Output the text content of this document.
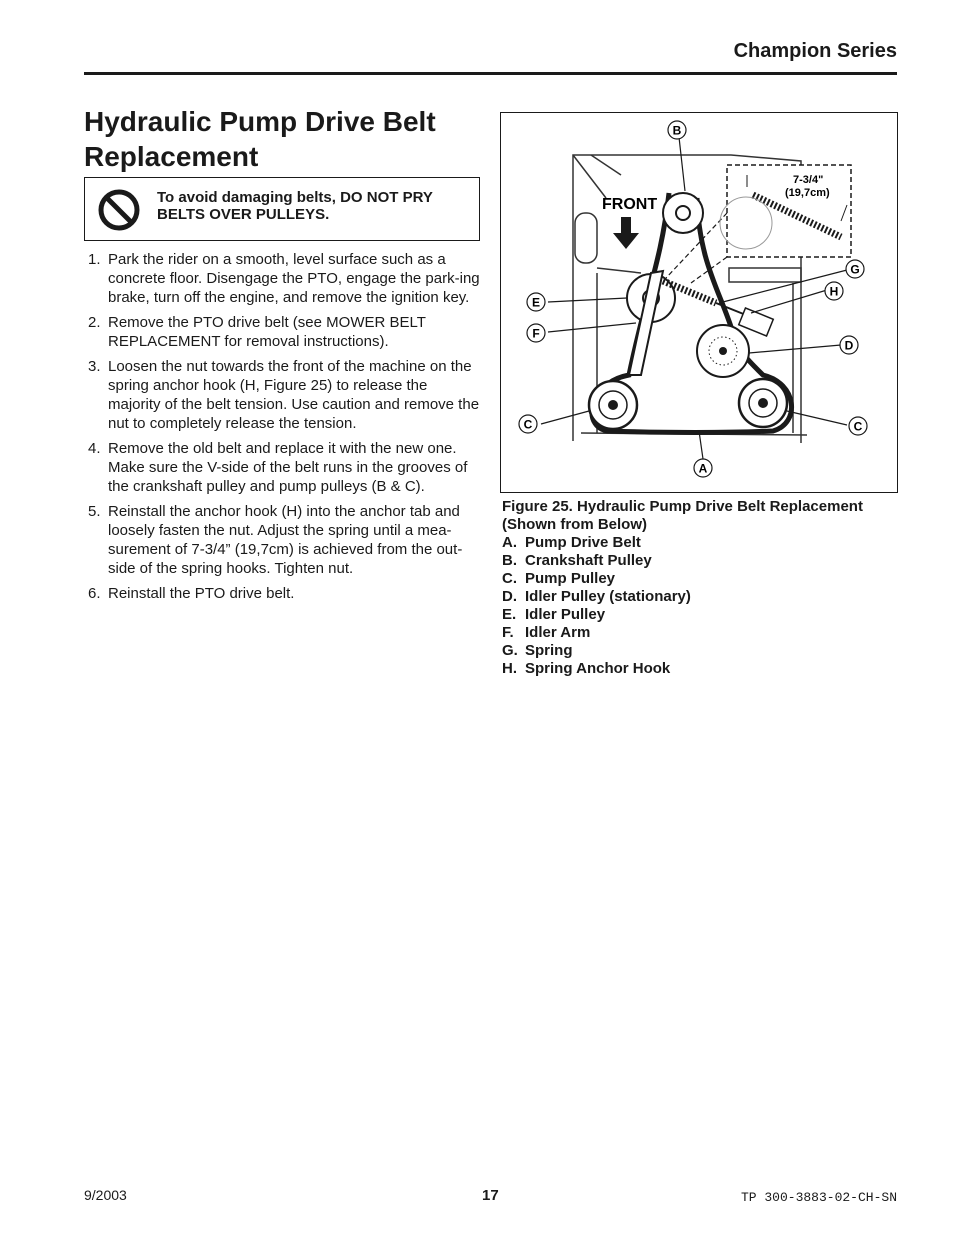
Champion Series
Hydraulic Pump Drive Belt Replacement
To avoid damaging belts, DO NOT PRY BELTS OVER PULLEYS.
1. Park the rider on a smooth, level surface such as a concrete floor. Disengage the PTO, engage the park-ing brake, turn off the engine, and remove the ignition key.
2. Remove the PTO drive belt (see MOWER BELT REPLACEMENT for removal instructions).
3. Loosen the nut towards the front of the machine on the spring anchor hook (H, Figure 25) to release the majority of the belt tension. Use caution and remove the nut to completely release the tension.
4. Remove the old belt and replace it with the new one. Make sure the V-side of the belt runs in the grooves of the crankshaft pulley and pump pulleys (B & C).
5. Reinstall the anchor hook (H) into the anchor tab and loosely fasten the nut. Adjust the spring until a mea-surement of 7-3/4” (19,7cm) is achieved from the out-side of the spring hooks. Tighten nut.
6. Reinstall the PTO drive belt.
FRONT
7-3/4"
(19,7cm)
B
G
H
E
F
D
C	C
A
Figure 25. Hydraulic Pump Drive Belt Replacement (Shown from Below)
A. Pump Drive Belt
B. Crankshaft Pulley
C. Pump Pulley
D. Idler Pulley (stationary)
E. Idler Pulley
F. Idler Arm
G. Spring
H. Spring Anchor Hook
9/2003	17	TP 300-3883-02-CH-SN
